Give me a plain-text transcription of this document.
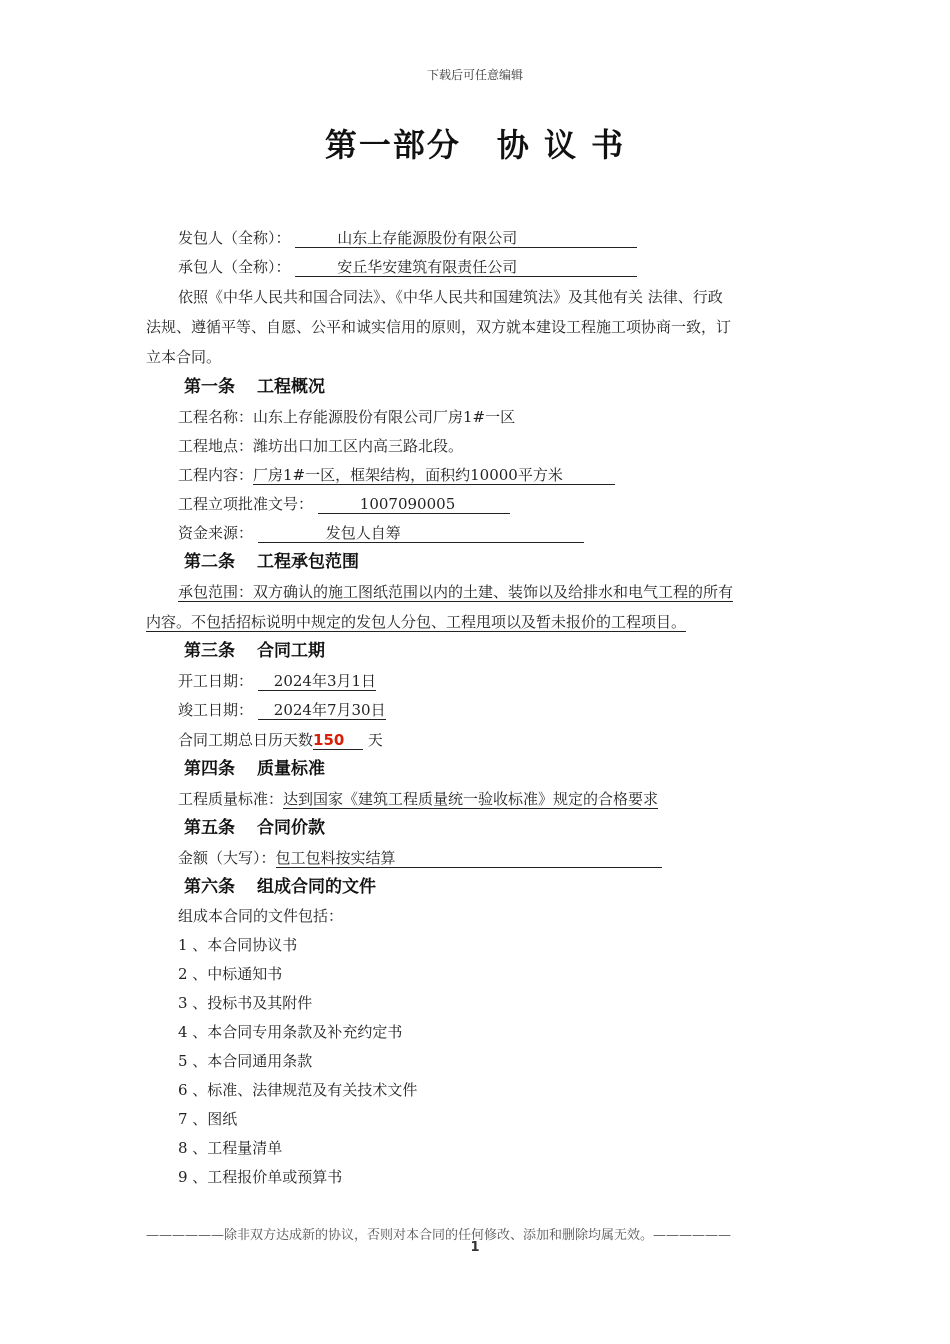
下载后可任意编辑
第一部分 协 议 书
发包人（全称）：	山东上存能源股份有限公司
承包人（全称）：	安丘华安建筑有限责任公司
依照《中华人民共和国合同法》、《中华人民共和国建筑法》及其他有关 法律、行政
法规、遵循平等、自愿、公平和诚实信用的原则，双方就本建设工程施工项协商一致，订
立本合同。
第一条 工程概况
工程名称：山东上存能源股份有限公司厂房1#一区
工程地点：潍坊出口加工区内高三路北段。
工程内容：厂房1#一区，框架结构，面积约10000平方米
工程立项批准文号：	1007090005
资金来源：	发包人自筹
第二条 工程承包范围
承包范围：双方确认的施工图纸范围以内的土建、装饰以及给排水和电气工程的所有
内容。不包括招标说明中规定的发包人分包、工程甩项以及暂未报价的工程项目。
第三条 合同工期
开工日期： 2024年3月1日
竣工日期： 2024年7月30日
合同工期总日历天数150 天
第四条 质量标准
工程质量标准：达到国家《建筑工程质量统一验收标准》规定的合格要求
第五条 合同价款
金额（大写）：包工包料按实结算
第六条 组成合同的文件
组成本合同的文件包括：
1 、本合同协议书
2 、中标通知书
3 、投标书及其附件
4 、本合同专用条款及补充约定书
5 、本合同通用条款
6 、标准、法律规范及有关技术文件
7 、图纸
8 、工程量清单
9 、工程报价单或预算书
——————除非双方达成新的协议，否则对本合同的任何修改、添加和删除均属无效。——————
1
